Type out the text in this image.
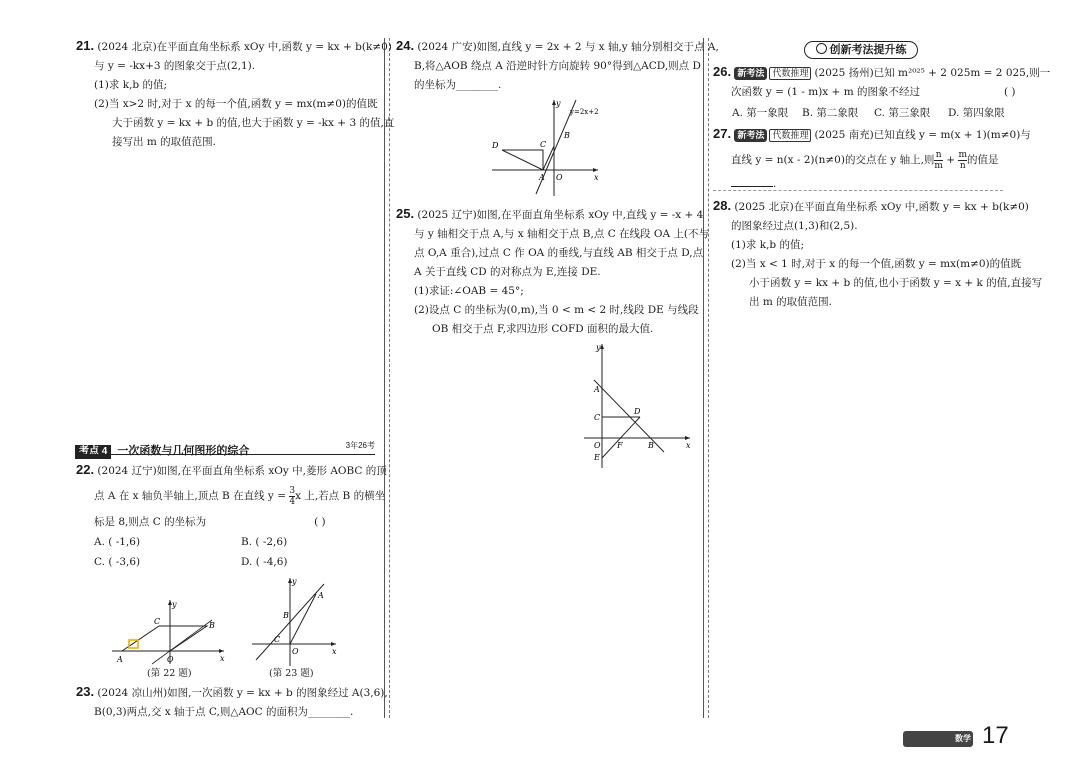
21. (2024 北京)在平面直角坐标系 xOy 中,函数 y = kx + b(k≠0)
与 y = -kx+3 的图象交于点(2,1).
(1)求 k,b 的值;
(2)当 x>2 时,对于 x 的每一个值,函数 y = mx(m≠0)的值既
大于函数 y = kx + b 的值,也大于函数 y = -kx + 3 的值,直
接写出 m 的取值范围.
考点 4 一次函数与几何图形的综合	3年26考
22. (2024 辽宁)如图,在平面直角坐标系 xOy 中,菱形 AOBC 的顶
点 A 在 x 轴负半轴上,顶点 B 在直线 $y = \frac{3}{4}$ x 上,若点 B 的横坐
标是 8,则点 C 的坐标为	( )
A. ( -1,6)	B. ( -2,6)
C. ( -3,6)	D. ( -4,6)
A	O
B
C
x
y
(第 22 题)
A
B
C
O	x
y
(第 23 题)
23. (2024 凉山州)如图,一次函数 y = kx + b 的图象经过 A(3,6),
B(0,3)两点,交 x 轴于点 C,则△AOC 的面积为________.
24. (2024 广安)如图,直线 y = 2x + 2 与 x 轴,y 轴分别相交于点 A,
B,将△AOB 绕点 A 沿逆时针方向旋转 90°得到△ACD,则点 D
的坐标为________.
D	C
B
A O	x
y
y=2x+2
25. (2025 辽宁)如图,在平面直角坐标系 xOy 中,直线 y = -x + 4
与 y 轴相交于点 A,与 x 轴相交于点 B,点 C 在线段 OA 上(不与
点 O,A 重合),过点 C 作 OA 的垂线,与直线 AB 相交于点 D,点
A 关于直线 CD 的对称点为 E,连接 DE.
(1)求证:∠OAB = 45°;
(2)设点 C 的坐标为(0,m),当 0 < m < 2 时,线段 DE 与线段
OB 相交于点 F,求四边形 COFD 面积的最大值.
A
C
D
O F	B
E
x
y
创新考法提升练
26. 新考法 代数推理 (2025 扬州)已知 m²⁰²⁵ + 2 025m = 2 025,则一
次函数 y = (1 - m)x + m 的图象不经过	( )
A. 第一象限 B. 第二象限 C. 第三象限 D. 第四象限
27. 新考法 代数推理 (2025 南充)已知直线 y = m(x + 1)(m≠0)与
直线 y = n(x - 2)(n≠0)的交点在 y 轴上,则 $\frac{n}{m} + \frac{m}{n}$ 的值是
.
28. (2025 北京)在平面直角坐标系 xOy 中,函数 y = kx + b(k≠0)
的图象经过点(1,3)和(2,5).
(1)求 k,b 的值;
(2)当 x < 1 时,对于 x 的每一个值,函数 y = mx(m≠0)的值既
小于函数 y = kx + b 的值,也小于函数 y = x + k 的值,直接写
出 m 的取值范围.
数学 17
